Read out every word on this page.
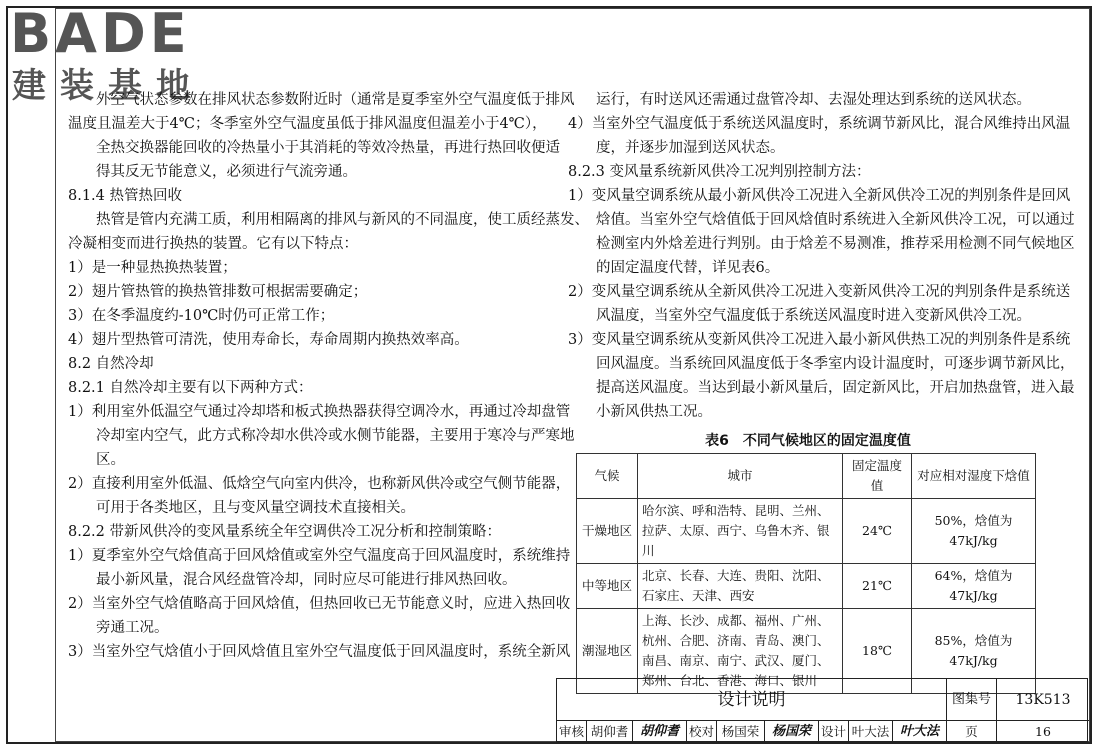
BADE
建装基地

外空气状态参数在排风状态参数附近时（通常是夏季室外空气温度低于排风

温度且温差大于4℃；冬季室外空气温度虽低于排风温度但温差小于4℃），

全热交换器能回收的冷热量小于其消耗的等效冷热量，再进行热回收便适

得其反无节能意义，必须进行气流旁通。

8.1.4 热管热回收

热管是管内充满工质，利用相隔离的排风与新风的不同温度，使工质经蒸发、

冷凝相变而进行换热的装置。它有以下特点：

1）是一种显热换热装置；

2）翅片管热管的换热管排数可根据需要确定；

3）在冬季温度约-10℃时仍可正常工作；

4）翅片型热管可清洗，使用寿命长，寿命周期内换热效率高。

8.2 自然冷却

8.2.1 自然冷却主要有以下两种方式：

1）利用室外低温空气通过冷却塔和板式换热器获得空调冷水，再通过冷却盘管

冷却室内空气，此方式称冷却水供冷或水侧节能器，主要用于寒冷与严寒地

区。

2）直接利用室外低温、低焓空气向室内供冷，也称新风供冷或空气侧节能器，

可用于各类地区，且与变风量空调技术直接相关。

8.2.2 带新风供冷的变风量系统全年空调供冷工况分析和控制策略：

1）夏季室外空气焓值高于回风焓值或室外空气温度高于回风温度时，系统维持

最小新风量，混合风经盘管冷却，同时应尽可能进行排风热回收。

2）当室外空气焓值略高于回风焓值，但热回收已无节能意义时，应进入热回收

旁通工况。

3）当室外空气焓值小于回风焓值且室外空气温度低于回风温度时，系统全新风

运行，有时送风还需通过盘管冷却、去湿处理达到系统的送风状态。

4）当室外空气温度低于系统送风温度时，系统调节新风比，混合风维持出风温

度，并逐步加湿到送风状态。

8.2.3 变风量系统新风供冷工况判别控制方法：

1）变风量空调系统从最小新风供冷工况进入全新风供冷工况的判别条件是回风

焓值。当室外空气焓值低于回风焓值时系统进入全新风供冷工况，可以通过

检测室内外焓差进行判别。由于焓差不易测准，推荐采用检测不同气候地区

的固定温度代替，详见表6。

2）变风量空调系统从全新风供冷工况进入变新风供冷工况的判别条件是系统送

风温度，当室外空气温度低于系统送风温度时进入变新风供冷工况。

3）变风量空调系统从变新风供冷工况进入最小新风供热工况的判别条件是系统

回风温度。当系统回风温度低于冬季室内设计温度时，可逐步调节新风比，

提高送风温度。当达到最小新风量后，固定新风比，开启加热盘管，进入最

小新风供热工况。

表6　不同气候地区的固定温度值
气候	城市	固定温度值	对应相对湿度下焓值
干燥地区	哈尔滨、呼和浩特、昆明、兰州、拉萨、太原、西宁、乌鲁木齐、银川	24℃	50%，焓值为47kJ/kg
中等地区	北京、长春、大连、贵阳、沈阳、石家庄、天津、西安	21℃	64%，焓值为47kJ/kg
潮湿地区	上海、长沙、成都、福州、广州、杭州、合肥、济南、青岛、澳门、南昌、南京、南宁、武汉、厦门、郑州、台北、香港、海口、银川	18℃	85%，焓值为47kJ/kg
设计说明	图集号	13K513
审核 胡仰耆 胡仰耆 校对 杨国荣 杨国荣 设计 叶大法 叶大法	页	16
